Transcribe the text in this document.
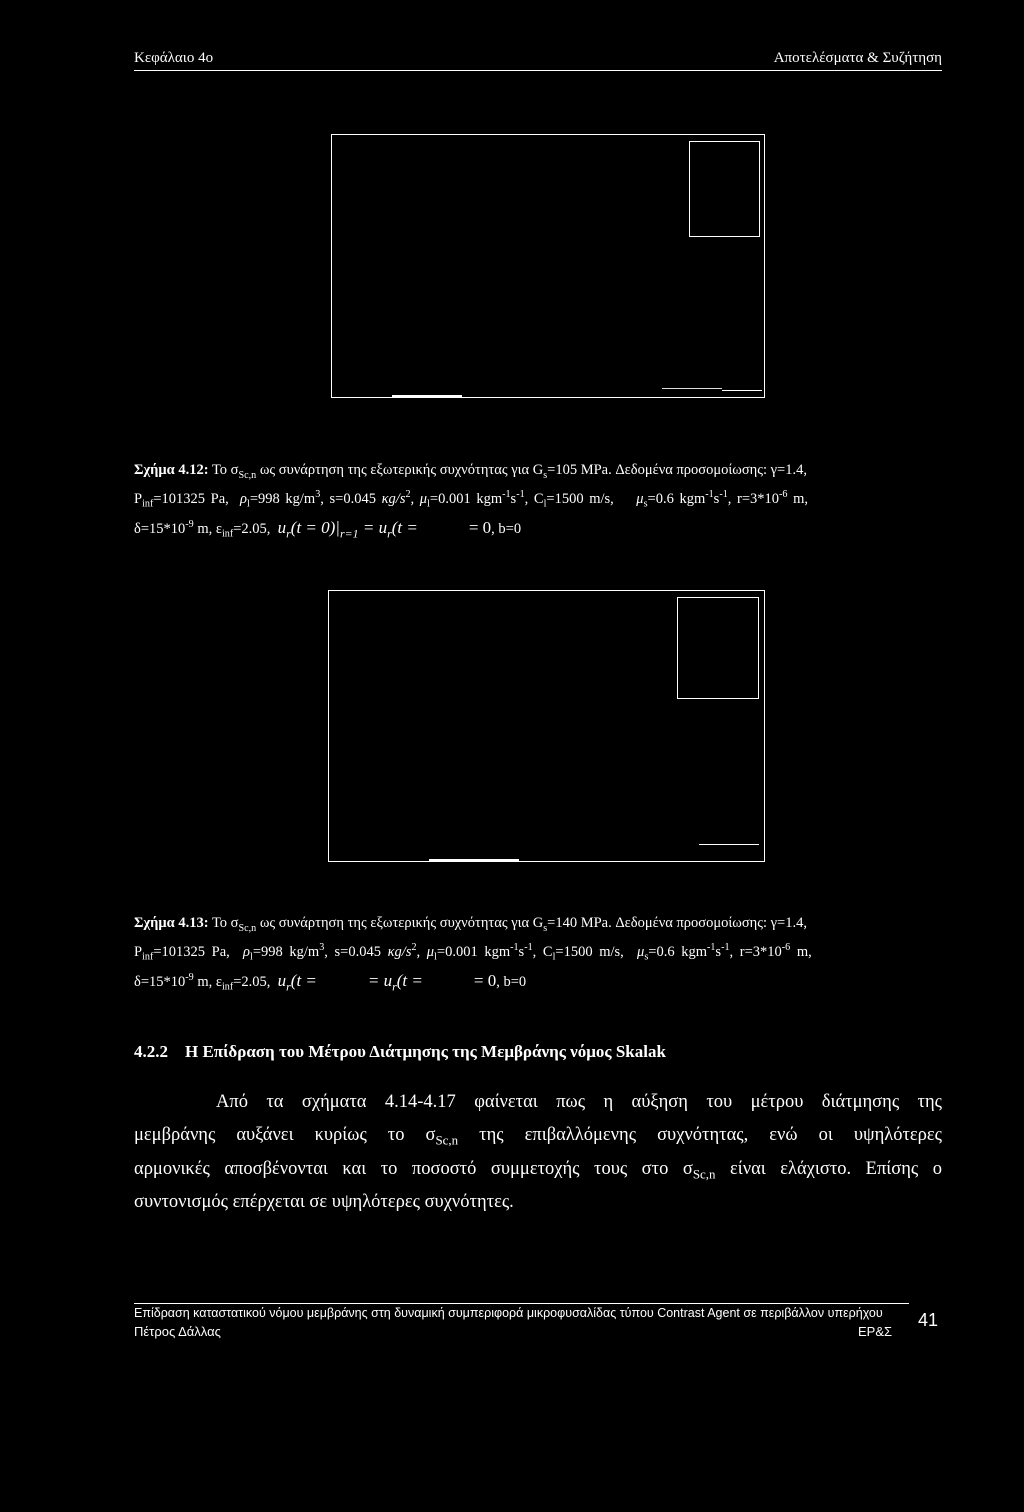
Κεφάλαιο 4ο	Αποτελέσματα & Συζήτηση
Σχήμα 4.12: Το $\sigma_{Sc,n}$ ως συνάρτηση της εξωτερικής συχνότητας για $G_s=105$ MPa. Δεδομένα προσομοίωσης: γ=1.4,
$P_{inf}=101325$ Pa, $\rho_l=998$ $kg/m^3$, s=0.045 $\kappa g/s^2$, $\mu_l=0.001$ $kgm^{-1}s^{-1}$, $C_l=1500$ m/s, $\mu_s=0.6$ $kgm^{-1}s^{-1}$, $r=3*10^{-6}$ m,
$\delta=15*10^{-9}$ m, $\varepsilon_{inf}=2.05$, $u_r(t = 0)|_{r=1} = u_r(t$ =	= 0, b=0
Σχήμα 4.13: Το $\sigma_{Sc,n}$ ως συνάρτηση της εξωτερικής συχνότητας για $G_s=140$ MPa. Δεδομένα προσομοίωσης: γ=1.4,
$P_{inf}=101325$ Pa, $\rho_l=998$ $kg/m^3$, s=0.045 $\kappa g/s^2$, $\mu_l=0.001$ $kgm^{-1}s^{-1}$, $C_l=1500$ m/s, $\mu_s=0.6$ $kgm^{-1}s^{-1}$, $r=3*10^{-6}$ m,
$\delta=15*10^{-9}$ m, $\varepsilon_{inf}=2.05$, $u_r(t$ =	= $u_r(t$ =	= 0, b=0
4.2.2 Η Επίδραση του Μέτρου Διάτμησης της Μεμβράνης νόμος Skalak
Από τα σχήματα 4.14-4.17 φαίνεται πως η αύξηση του μέτρου διάτμησης της
μεμβράνης αυξάνει κυρίως το $\sigma_{Sc,n}$ της επιβαλλόμενης συχνότητας, ενώ οι υψηλότερες
αρμονικές αποσβένονται και το ποσοστό συμμετοχής τους στο $\sigma_{Sc,n}$ είναι ελάχιστο. Επίσης ο
συντονισμός επέρχεται σε υψηλότερες συχνότητες.
Επίδραση καταστατικού νόμου μεμβράνης στη δυναμική συμπεριφορά μικροφυσαλίδας τύπου Contrast Agent σε περιβάλλον υπερήχου
Πέτρος Δάλλας	ΕΡ&Σ
41
